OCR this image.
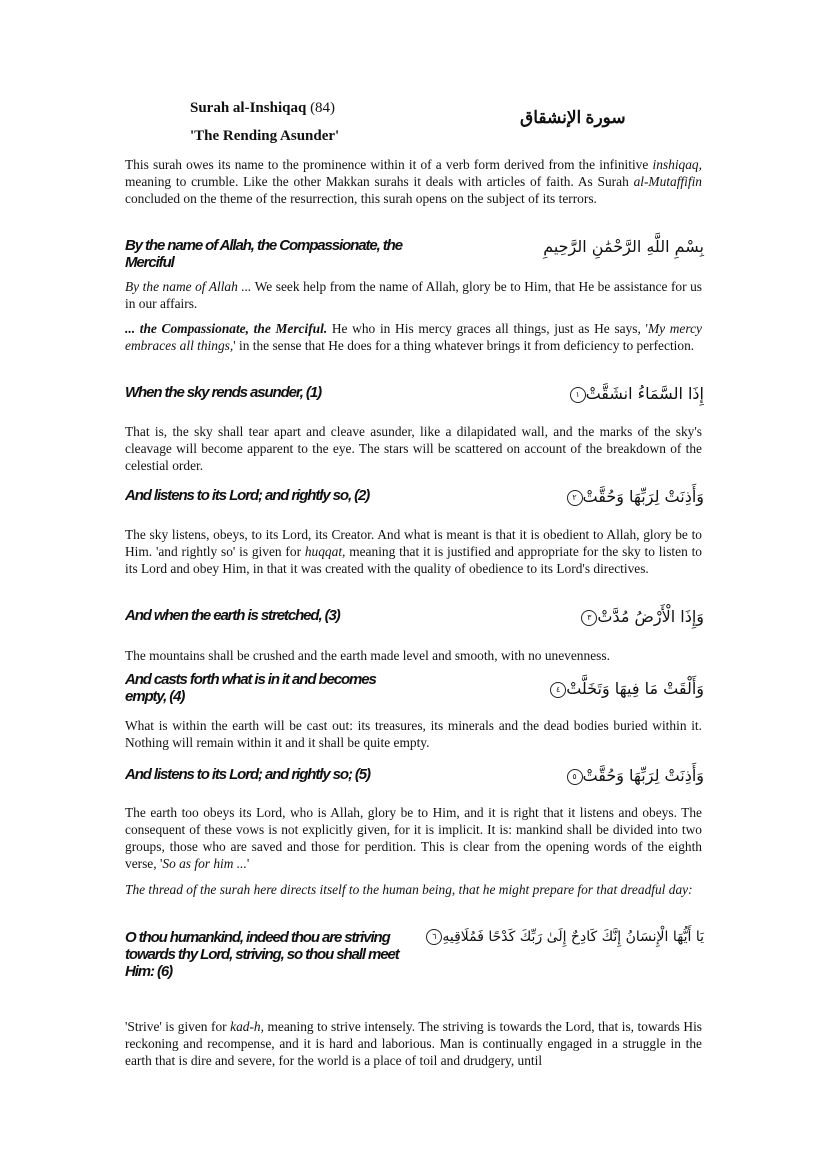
Surah al-Inshiqaq (84)
'The Rending Asunder'
سورة الإنشقاق
This surah owes its name to the prominence within it of a verb form derived from the infinitive inshiqaq, meaning to crumble. Like the other Makkan surahs it deals with articles of faith. As Surah al-Mutaffifin concluded on the theme of the resurrection, this surah opens on the subject of its terrors.
By the name of Allah, the Compassionate, the Merciful
بِسْمِ اللَّهِ الرَّحْمَٰنِ الرَّحِيمِ
By the name of Allah ... We seek help from the name of Allah, glory be to Him, that He be assistance for us in our affairs.
... the Compassionate, the Merciful. He who in His mercy graces all things, just as He says, 'My mercy embraces all things,' in the sense that He does for a thing whatever brings it from deficiency to perfection.
When the sky rends asunder, (1)	إِذَا السَّمَاءُ انشَقَّتْ١
That is, the sky shall tear apart and cleave asunder, like a dilapidated wall, and the marks of the sky's cleavage will become apparent to the eye. The stars will be scattered on account of the breakdown of the celestial order.
And listens to its Lord; and rightly so, (2)	وَأَذِنَتْ لِرَبِّهَا وَحُقَّتْ٢
The sky listens, obeys, to its Lord, its Creator. And what is meant is that it is obedient to Allah, glory be to Him. 'and rightly so' is given for huqqat, meaning that it is justified and appropriate for the sky to listen to its Lord and obey Him, in that it was created with the quality of obedience to its Lord's directives.
And when the earth is stretched, (3)	وَإِذَا الْأَرْضُ مُدَّتْ٣
The mountains shall be crushed and the earth made level and smooth, with no unevenness.
And casts forth what is in it and becomes empty, (4)	وَأَلْقَتْ مَا فِيهَا وَتَخَلَّتْ٤
What is within the earth will be cast out: its treasures, its minerals and the dead bodies buried within it. Nothing will remain within it and it shall be quite empty.
And listens to its Lord; and rightly so; (5)	وَأَذِنَتْ لِرَبِّهَا وَحُقَّتْ٥
The earth too obeys its Lord, who is Allah, glory be to Him, and it is right that it listens and obeys. The consequent of these vows is not explicitly given, for it is implicit. It is: mankind shall be divided into two groups, those who are saved and those for perdition. This is clear from the opening words of the eighth verse, 'So as for him ...'
The thread of the surah here directs itself to the human being, that he might prepare for that dreadful day:
O thou humankind, indeed thou are striving towards thy Lord, striving, so thou shall meet Him: (6)
يَا أَيُّهَا الْإِنسَانُ إِنَّكَ كَادِحٌ إِلَىٰ رَبِّكَ كَدْحًا فَمُلَاقِيهِ٦
'Strive' is given for kad-h, meaning to strive intensely. The striving is towards the Lord, that is, towards His reckoning and recompense, and it is hard and laborious. Man is continually engaged in a struggle in the earth that is dire and severe, for the world is a place of toil and drudgery, until
